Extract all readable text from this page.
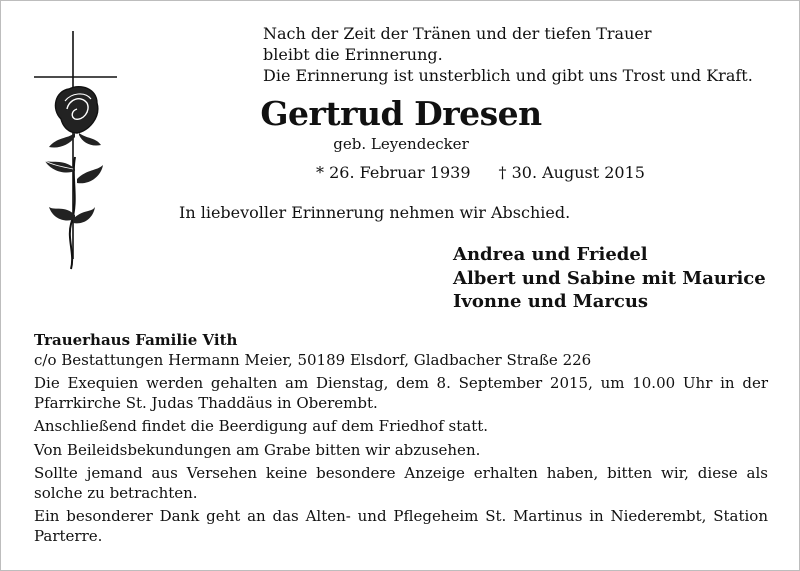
Nach der Zeit der Tränen und der tiefen Trauer
bleibt die Erinnerung.
Die Erinnerung ist unsterblich und gibt uns Trost und Kraft.
Gertrud Dresen
geb. Leyendecker
* 26. Februar 1939 † 30. August 2015
In liebevoller Erinnerung nehmen wir Abschied.
Andrea und Friedel
Albert und Sabine mit Maurice
Ivonne und Marcus

Trauerhaus Familie Vith

c/o Bestattungen Hermann Meier, 50189 Elsdorf, Gladbacher Straße 226

Die Exequien werden gehalten am Dienstag, dem 8. September 2015, um 10.00 Uhr in der Pfarrkirche St. Judas Thaddäus in Oberembt.

Anschließend findet die Beerdigung auf dem Friedhof statt.

Von Beileidsbekundungen am Grabe bitten wir abzusehen.

Sollte jemand aus Versehen keine besondere Anzeige erhalten haben, bitten wir, diese als solche zu betrachten.

Ein besonderer Dank geht an das Alten- und Pflegeheim St. Martinus in Niederembt, Station Parterre.
